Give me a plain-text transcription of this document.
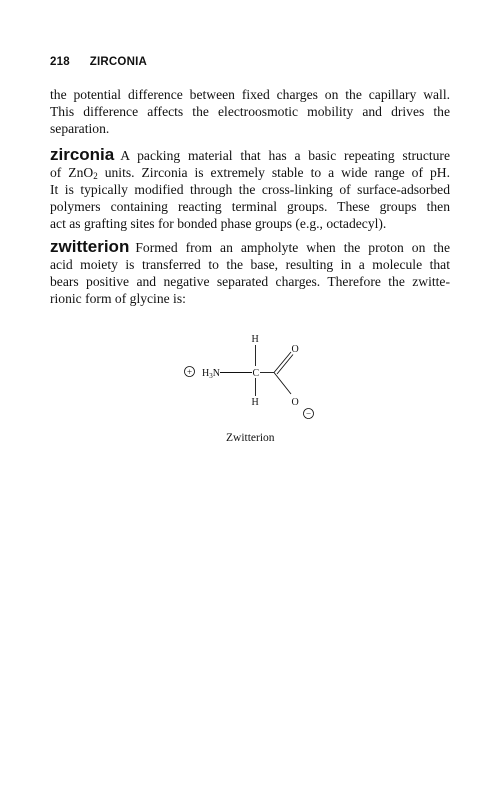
218 ZIRCONIA

the potential difference between fixed charges on the capillary wall.
This difference affects the electroosmotic mobility and drives the
separation.

zirconia A packing material that has a basic repeating structure
of ZnO$_2$ units. Zirconia is extremely stable to a wide range of pH.
It is typically modified through the cross-linking of surface-adsorbed
polymers containing reacting terminal groups. These groups then
act as grafting sites for bonded phase groups (e.g., octadecyl).

zwitterion Formed from an ampholyte when the proton on the
acid moiety is transferred to the base, resulting in a molecule that
bears positive and negative separated charges. Therefore the zwitte-
rionic form of glycine is:

+ $H_3N$	C
H
H
O
O
−
Zwitterion
